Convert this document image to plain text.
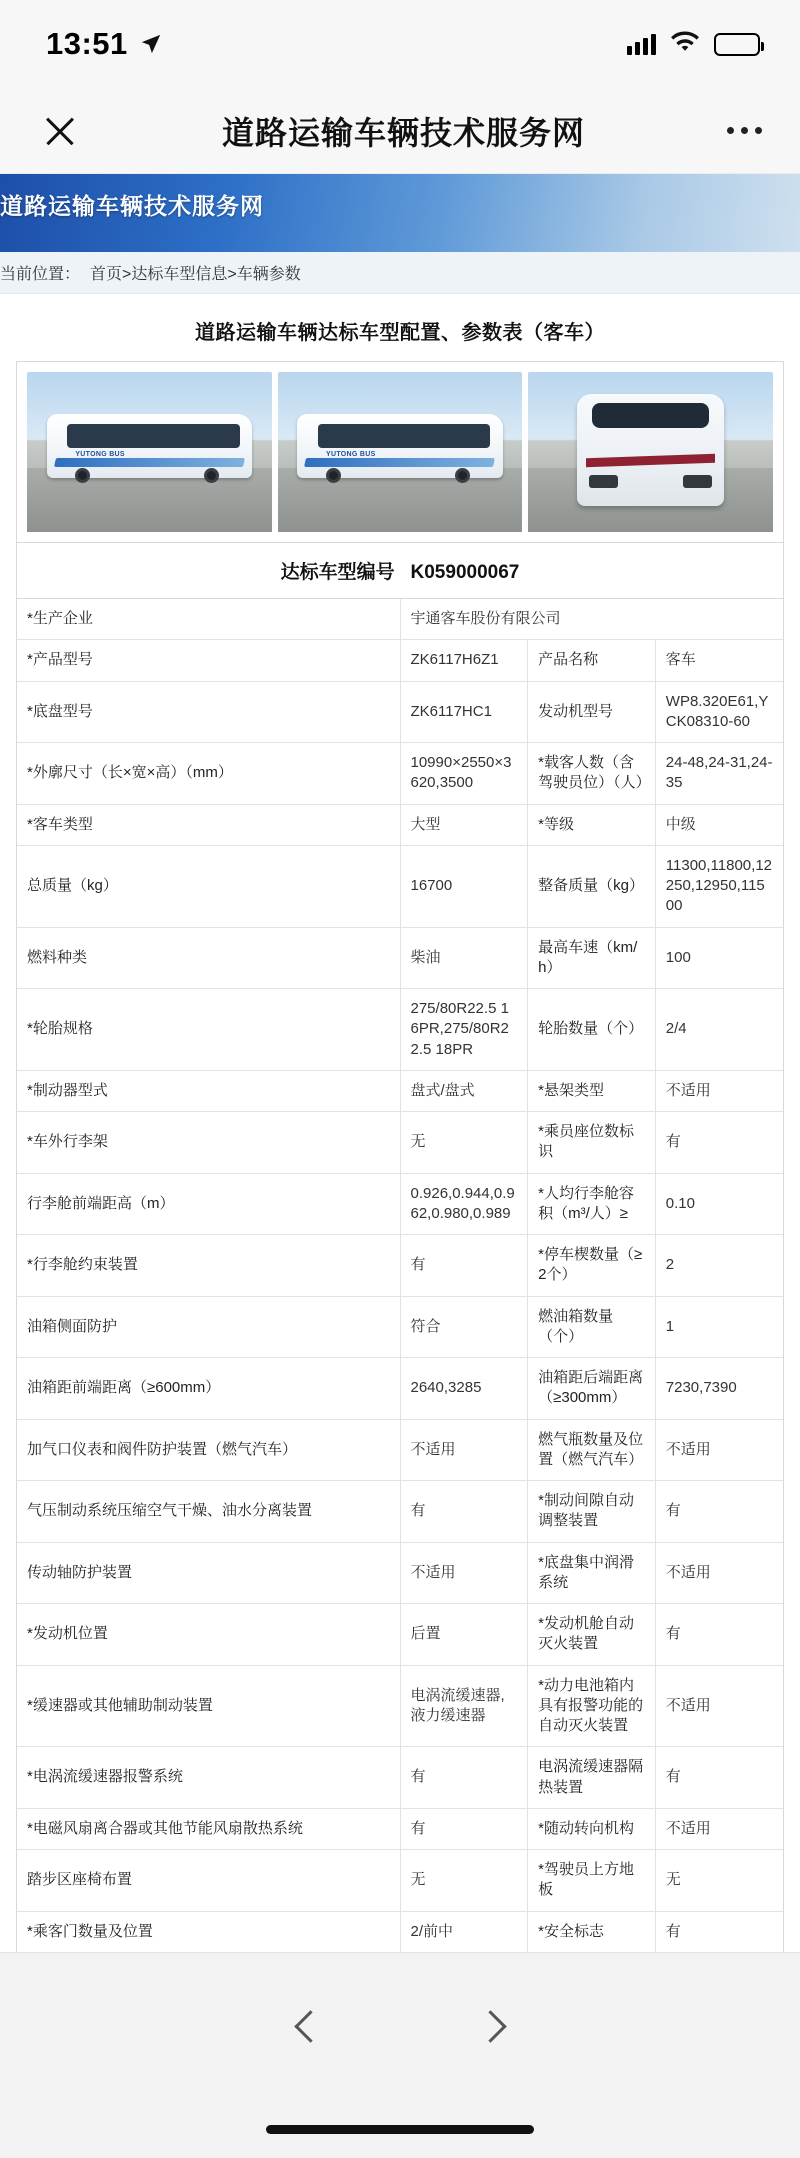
13:51
道路运输车辆技术服务网
道路运输车辆技术服务网
当前位置： 首页>达标车型信息>车辆参数
道路运输车辆达标车型配置、参数表（客车）
YUTONG BUS	YUTONG BUS
达标车型编号 K059000067
*生产企业	宇通客车股份有限公司		
*产品型号	ZK6117H6Z1	产品名称	客车
*底盘型号	ZK6117HC1	发动机型号	WP8.320E61,YCK08310-60
*外廓尺寸（长×宽×高）（mm）	10990×2550×3620,3500	*载客人数（含驾驶员位）（人）	24-48,24-31,24-35
*客车类型	大型	*等级	中级
总质量（kg）	16700	整备质量（kg）	11300,11800,12250,12950,11500
燃料种类	柴油	最高车速（km/h）	100
*轮胎规格	275/80R22.5 16PR,275/80R22.5 18PR	轮胎数量（个）	2/4
*制动器型式	盘式/盘式	*悬架类型	不适用
*车外行李架	无	*乘员座位数标识	有
行李舱前端距高（m）	0.926,0.944,0.962,0.980,0.989	*人均行李舱容积（m³/人）≥	0.10
*行李舱约束装置	有	*停车楔数量（≥2个）	2
油箱侧面防护	符合	燃油箱数量（个）	1
油箱距前端距离（≥600mm）	2640,3285	油箱距后端距离（≥300mm）	7230,7390
加气口仪表和阀件防护装置（燃气汽车）	不适用	燃气瓶数量及位置（燃气汽车）	不适用
气压制动系统压缩空气干燥、油水分离装置	有	*制动间隙自动调整装置	有
传动轴防护装置	不适用	*底盘集中润滑系统	不适用
*发动机位置	后置	*发动机舱自动灭火装置	有
*缓速器或其他辅助制动装置	电涡流缓速器,液力缓速器	*动力电池箱内具有报警功能的自动灭火装置	不适用
*电涡流缓速器报警系统	有	电涡流缓速器隔热装置	有
*电磁风扇离合器或其他节能风扇散热系统	有	*随动转向机构	不适用
踏步区座椅布置	无	*驾驶员上方地板	无
*乘客门数量及位置	2/前中	*安全标志	有
